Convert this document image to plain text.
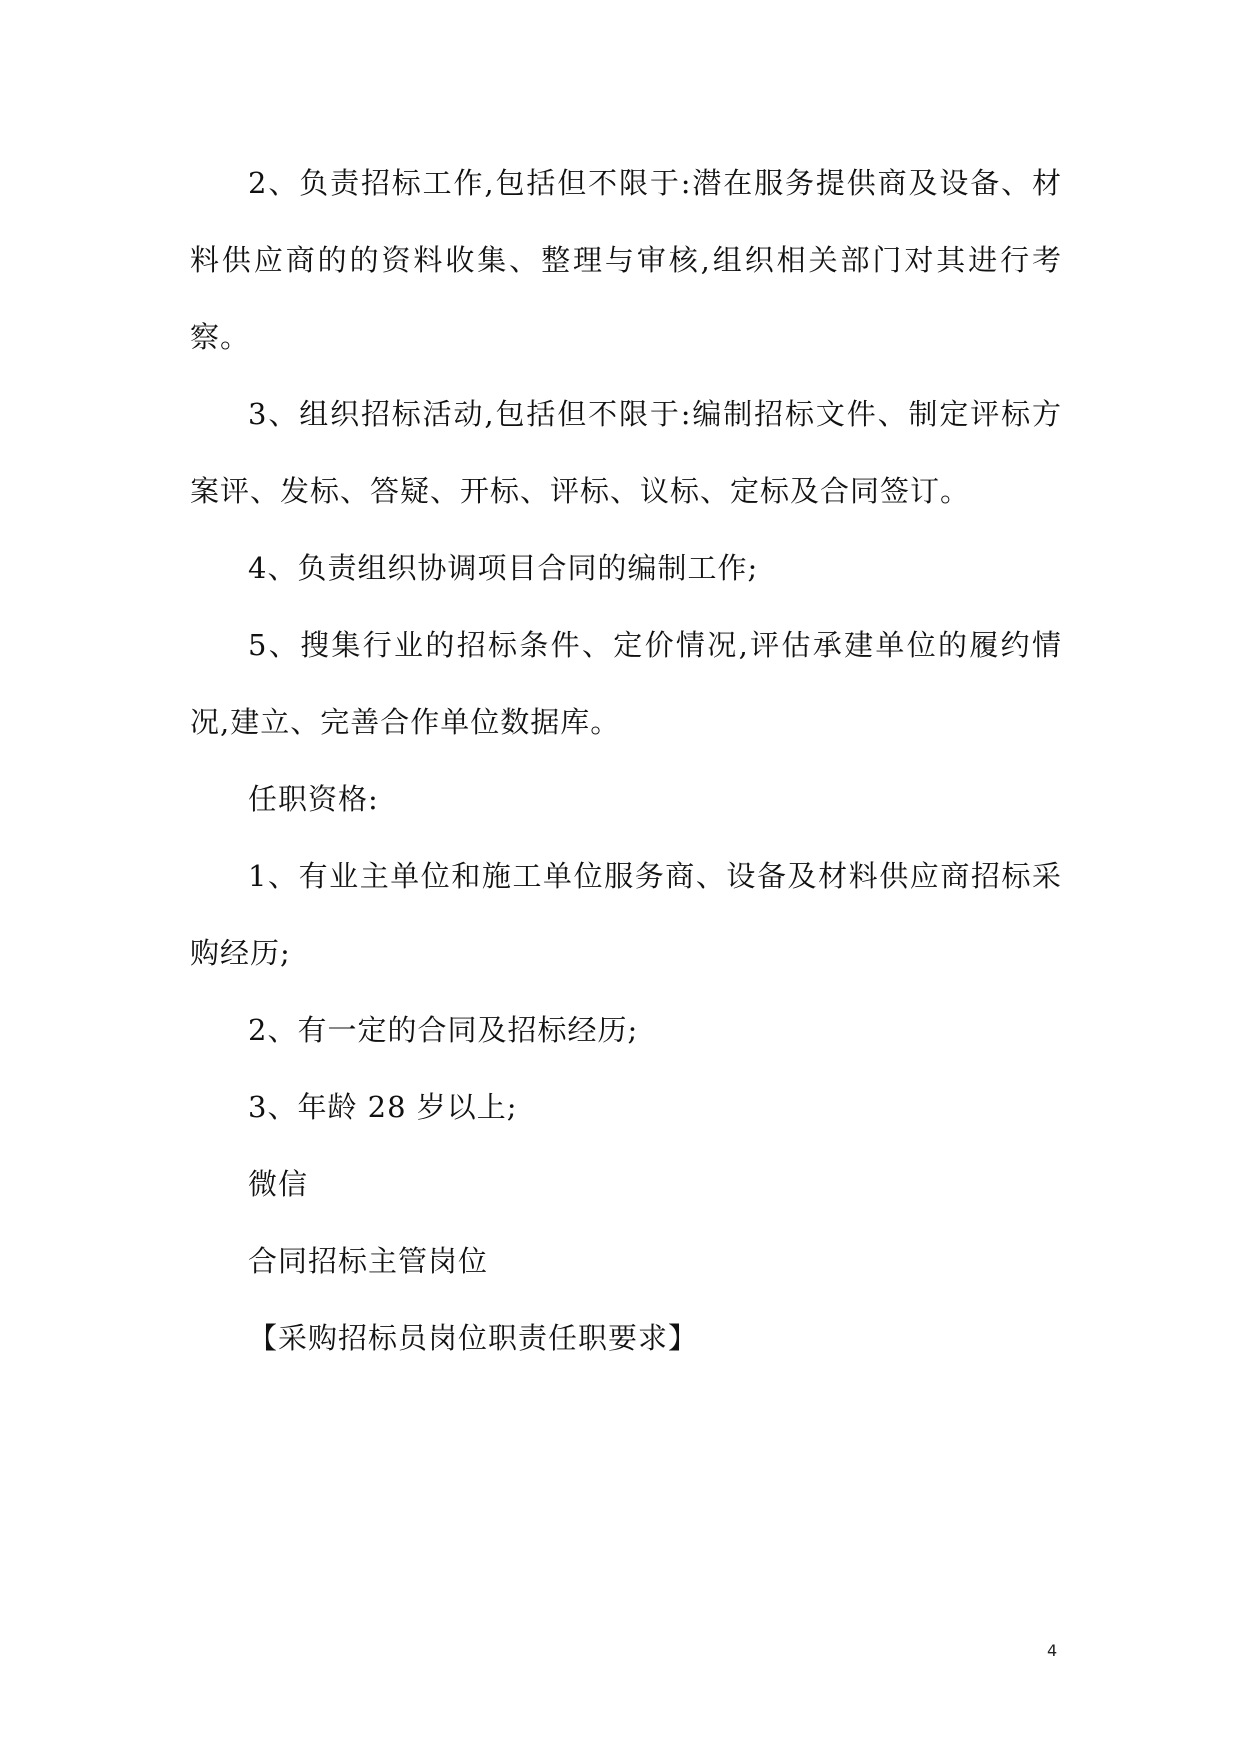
2、负责招标工作,包括但不限于:潜在服务提供商及设备、材料供应商的的资料收集、整理与审核,组织相关部门对其进行考察。

3、组织招标活动,包括但不限于:编制招标文件、制定评标方案评、发标、答疑、开标、评标、议标、定标及合同签订。

4、负责组织协调项目合同的编制工作;

5、搜集行业的招标条件、定价情况,评估承建单位的履约情况,建立、完善合作单位数据库。

任职资格:

1、有业主单位和施工单位服务商、设备及材料供应商招标采购经历;

2、有一定的合同及招标经历;

3、年龄 28 岁以上;

微信

合同招标主管岗位

【采购招标员岗位职责任职要求】

4
